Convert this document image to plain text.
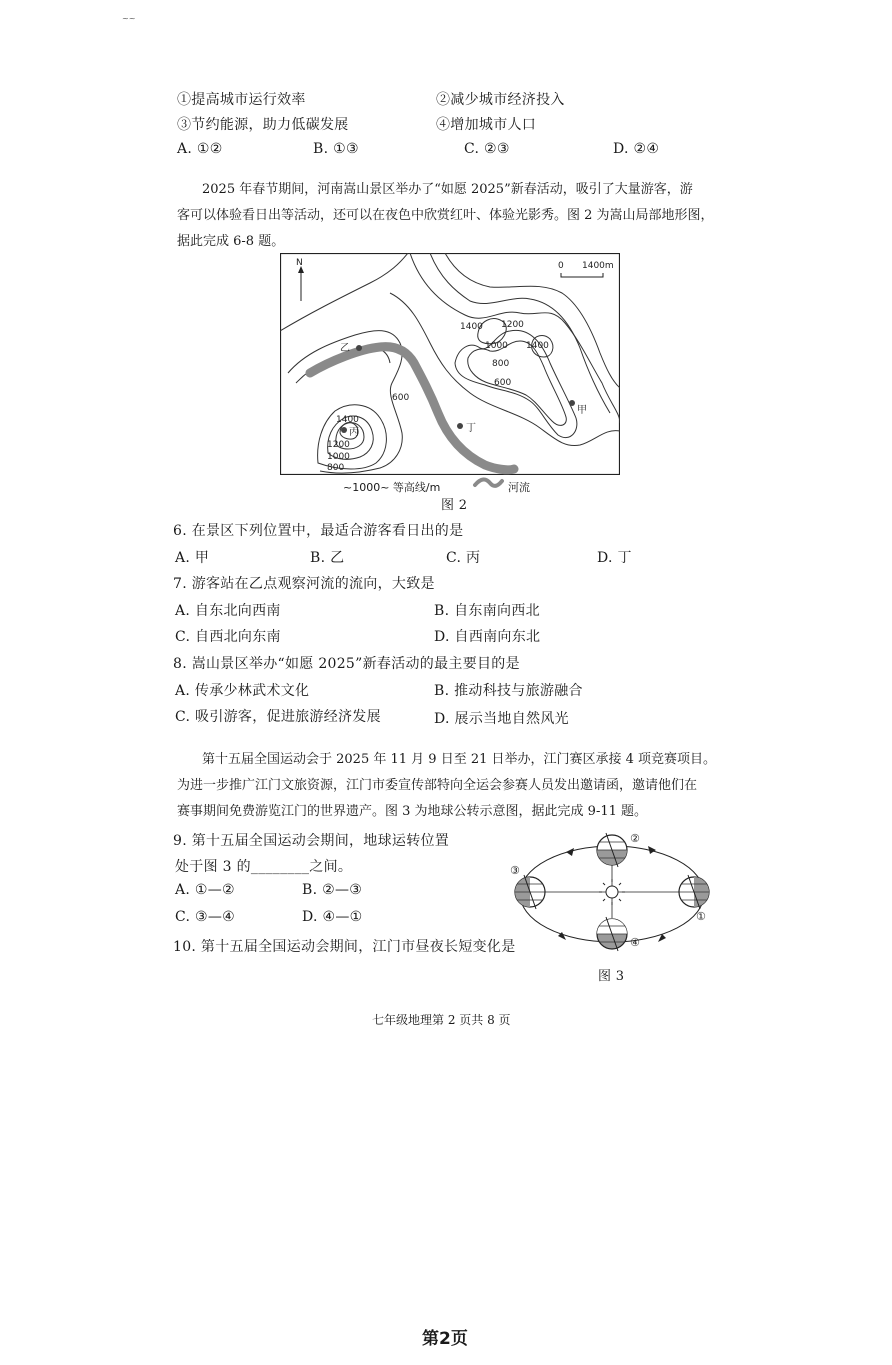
~~
①提高城市运行效率	②减少城市经济投入
③节约能源，助力低碳发展	④增加城市人口
A. ①②	B. ①③	C. ②③	D. ②④
2025 年春节期间，河南嵩山景区举办了“如愿 2025”新春活动，吸引了大量游客，游
客可以体验看日出等活动，还可以在夜色中欣赏红叶、体验光影秀。图 2 为嵩山局部地形图，
据此完成 6-8 题。
N	0 1400m
1400 1200
1000 1400
800
600
600
1400
1200
1000
800
乙
甲
丙	丁
~1000~ 等高线/m	河流
图 2
6. 在景区下列位置中，最适合游客看日出的是
A. 甲	B. 乙	C. 丙	D. 丁
7. 游客站在乙点观察河流的流向，大致是
A. 自东北向西南	B. 自东南向西北
C. 自西北向东南	D. 自西南向东北
8. 嵩山景区举办“如愿 2025”新春活动的最主要目的是
A. 传承少林武术文化	B. 推动科技与旅游融合
C. 吸引游客，促进旅游经济发展	D. 展示当地自然风光
第十五届全国运动会于 2025 年 11 月 9 日至 21 日举办，江门赛区承接 4 项竞赛项目。
为进一步推广江门文旅资源，江门市委宣传部特向全运会参赛人员发出邀请函，邀请他们在
赛事期间免费游览江门的世界遗产。图 3 为地球公转示意图，据此完成 9-11 题。
9. 第十五届全国运动会期间，地球运转位置
处于图 3 的________之间。
A. ①—②	B. ②—③
C. ③—④	D. ④—①
10. 第十五届全国运动会期间，江门市昼夜长短变化是
②
③
①
④
图 3
七年级地理第 2 页共 8 页
第2页
